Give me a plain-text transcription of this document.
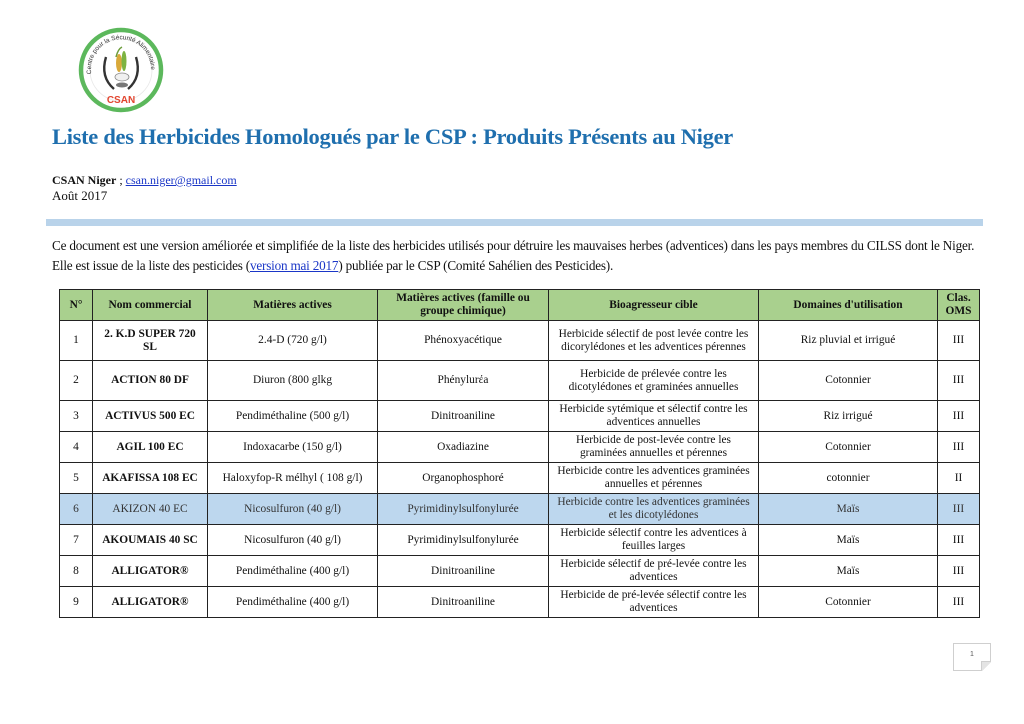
CSAN
Centre pour la Sécurité Alimentaire
Liste des Herbicides Homologués par le CSP : Produits Présents au Niger
CSAN Niger ; csan.niger@gmail.com
Août 2017

Ce document est une version améliorée et simplifiée de la liste des herbicides utilisés pour détruire les mauvaises herbes (adventices) dans les pays membres du CILSS dont le Niger. Elle est issue de la liste des pesticides (version mai 2017) publiée par le CSP (Comité Sahélien des Pesticides).

N°	Nom commercial	Matières actives	Matières actives (famille ou groupe chimique)	Bioagresseur cible	Domaines d'utilisation	Clas. OMS
1	2. K.D SUPER 720 SL	2.4-D (720 g/l)	Phénoxyacétique	Herbicide sélectif de post levée contre les dicorylédones et les adventices pérennes	Riz pluvial et irrigué	III
2	ACTION 80 DF	Diuron (800 glkg	Phénylurέa	Herbicide de prélevée contre les dicotylédones et graminées annuelles	Cotonnier	III
3	ACTIVUS 500 EC	Pendiméthaline (500 g/l)	Dinitroaniline	Herbicide sytémique et sélectif contre les adventices annuelles	Riz irrigué	III
4	AGIL 100 EC	Indoxacarbe (150 g/l)	Oxadiazine	Herbicide de post-levée contre les graminées annuelles et pérennes	Cotonnier	III
5	AKAFISSA 108 EC	Haloxyfop-R mélhyl ( 108 g/l)	Organophosphoré	Herbicide contre les adventices graminées annuelles et pérennes	cotonnier	II
6	AKIZON 40 EC	Nicosulfuron (40 g/l)	Pyrimidinylsulfonylurée	Herbicide contre les adventices graminées et les dicotylédones	Maïs	III
7	AKOUMAIS 40 SC	Nicosulfuron (40 g/l)	Pyrimidinylsulfonylurée	Herbicide sélectif contre les adventices à feuilles larges	Maïs	III
8	ALLIGATOR®	Pendiméthaline (400 g/l)	Dinitroaniline	Herbicide sélectif de pré-levée contre les adventices	Maïs	III
9	ALLIGATOR®	Pendiméthaline (400 g/l)	Dinitroaniline	Herbicide de pré-levée sélectif contre les adventices	Cotonnier	III
1
